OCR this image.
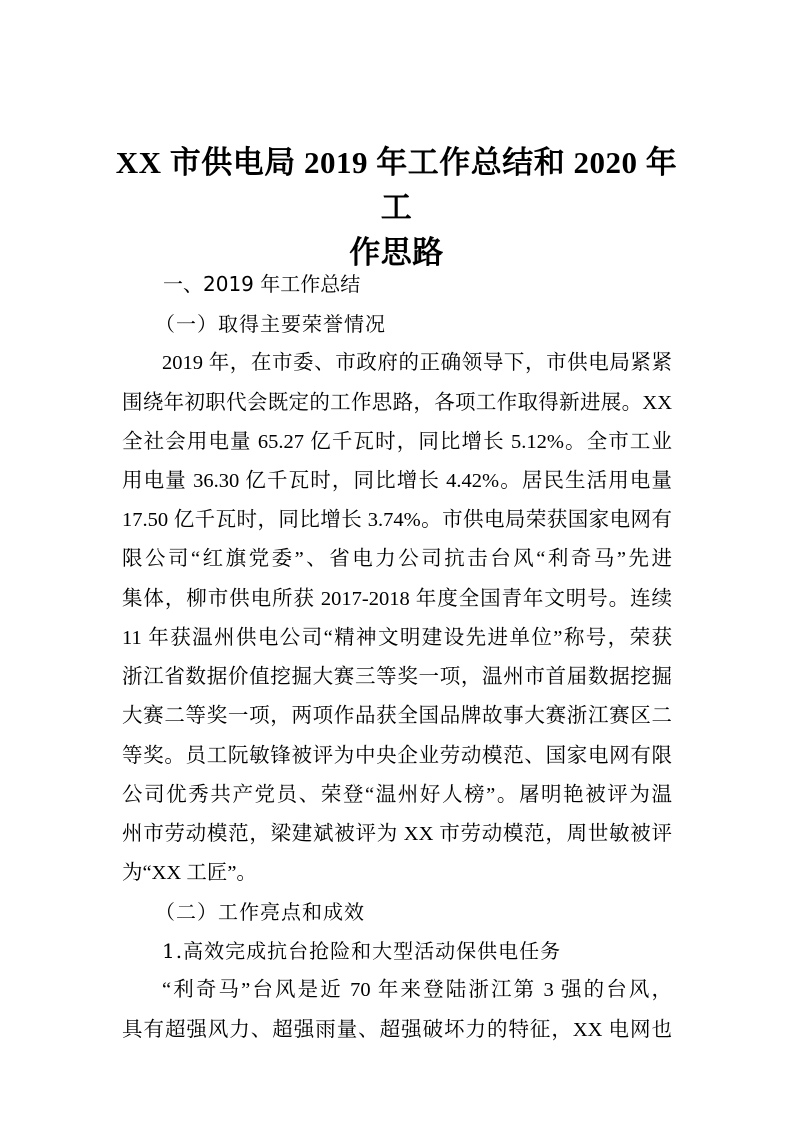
XX 市供电局 2019 年工作总结和 2020 年工
作思路
一、2019 年工作总结
（一）取得主要荣誉情况
2019 年，在市委、市政府的正确领导下，市供电局紧紧
围绕年初职代会既定的工作思路，各项工作取得新进展。XX
全社会用电量 65.27 亿千瓦时，同比增长 5.12%。全市工业
用电量 36.30 亿千瓦时，同比增长 4.42%。居民生活用电量
17.50 亿千瓦时，同比增长 3.74%。市供电局荣获国家电网有
限公司“红旗党委”、省电力公司抗击台风“利奇马”先进
集体，柳市供电所获 2017-2018 年度全国青年文明号。连续
11 年获温州供电公司“精神文明建设先进单位”称号，荣获
浙江省数据价值挖掘大赛三等奖一项，温州市首届数据挖掘
大赛二等奖一项，两项作品获全国品牌故事大赛浙江赛区二
等奖。员工阮敏锋被评为中央企业劳动模范、国家电网有限
公司优秀共产党员、荣登“温州好人榜”。屠明艳被评为温
州市劳动模范，梁建斌被评为 XX 市劳动模范，周世敏被评
为“XX 工匠”。
（二）工作亮点和成效
1.高效完成抗台抢险和大型活动保供电任务
“利奇马”台风是近 70 年来登陆浙江第 3 强的台风，
具有超强风力、超强雨量、超强破坏力的特征，XX 电网也
